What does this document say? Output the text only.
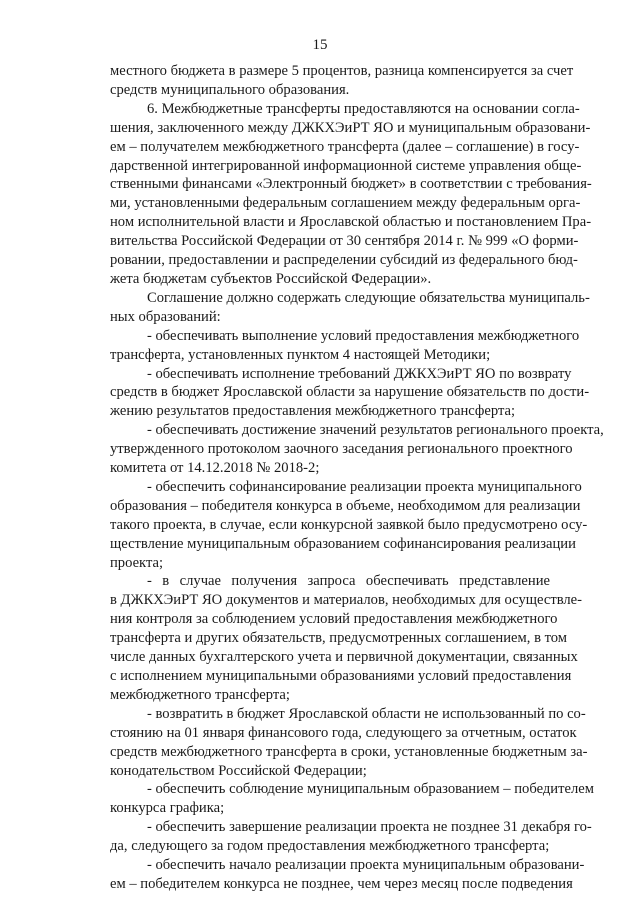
15

местного бюджета в размере 5 процентов, разница компенсируется за счет
средств муниципального образования.

6. Межбюджетные трансферты предоставляются на основании согла-
шения, заключенного между ДЖКХЭиРТ ЯО и муниципальным образовани-
ем – получателем межбюджетного трансферта (далее – соглашение) в госу-
дарственной интегрированной информационной системе управления обще-
ственными финансами «Электронный бюджет» в соответствии с требования-
ми, установленными федеральным соглашением между федеральным орга-
ном исполнительной власти и Ярославской областью и постановлением Пра-
вительства Российской Федерации от 30 сентября 2014 г. № 999 «О форми-
ровании, предоставлении и распределении субсидий из федерального бюд-
жета бюджетам субъектов Российской Федерации».

Соглашение должно содержать следующие обязательства муниципаль-
ных образований:

- обеспечивать выполнение условий предоставления межбюджетного
трансферта, установленных пунктом 4 настоящей Методики;

- обеспечивать исполнение требований ДЖКХЭиРТ ЯО по возврату
средств в бюджет Ярославской области за нарушение обязательств по дости-
жению результатов предоставления межбюджетного трансферта;

- обеспечивать достижение значений результатов регионального проекта,
утвержденного протоколом заочного заседания регионального проектного
комитета от 14.12.2018 № 2018-2;

- обеспечить софинансирование реализации проекта муниципального
образования – победителя конкурса в объеме, необходимом для реализации
такого проекта, в случае, если конкурсной заявкой было предусмотрено осу-
ществление муниципальным образованием софинансирования реализации
проекта;

- в случае получения запроса обеспечивать представление
в ДЖКХЭиРТ ЯО документов и материалов, необходимых для осуществле-
ния контроля за соблюдением условий предоставления межбюджетного
трансферта и других обязательств, предусмотренных соглашением, в том
числе данных бухгалтерского учета и первичной документации, связанных
с исполнением муниципальными образованиями условий предоставления
межбюджетного трансферта;

- возвратить в бюджет Ярославской области не использованный по со-
стоянию на 01 января финансового года, следующего за отчетным, остаток
средств межбюджетного трансферта в сроки, установленные бюджетным за-
конодательством Российской Федерации;

- обеспечить соблюдение муниципальным образованием – победителем
конкурса графика;

- обеспечить завершение реализации проекта не позднее 31 декабря го-
да, следующего за годом предоставления межбюджетного трансферта;

- обеспечить начало реализации проекта муниципальным образовани-
ем – победителем конкурса не позднее, чем через месяц после подведения
